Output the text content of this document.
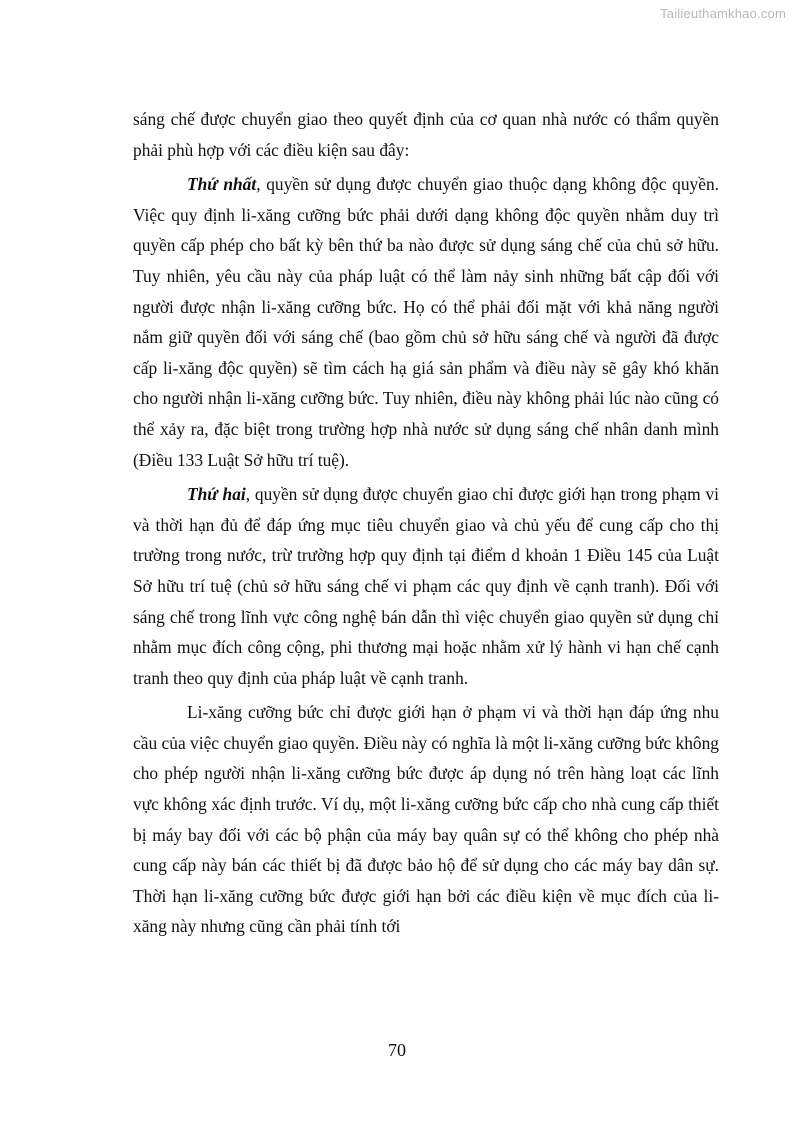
Tailieuthamkhao.com

sáng chế được chuyển giao theo quyết định của cơ quan nhà nước có thẩm quyền phải phù hợp với các điều kiện sau đây:

Thứ nhất, quyền sử dụng được chuyển giao thuộc dạng không độc quyền. Việc quy định li-xăng cưỡng bức phải dưới dạng không độc quyền nhằm duy trì quyền cấp phép cho bất kỳ bên thứ ba nào được sử dụng sáng chế của chủ sở hữu. Tuy nhiên, yêu cầu này của pháp luật có thể làm nảy sinh những bất cập đối với người được nhận li-xăng cưỡng bức. Họ có thể phải đối mặt với khả năng người nắm giữ quyền đối với sáng chế (bao gồm chủ sở hữu sáng chế và người đã được cấp li-xăng độc quyền) sẽ tìm cách hạ giá sản phẩm và điều này sẽ gây khó khăn cho người nhận li-xăng cưỡng bức. Tuy nhiên, điều này không phải lúc nào cũng có thể xảy ra, đặc biệt trong trường hợp nhà nước sử dụng sáng chế nhân danh mình (Điều 133 Luật Sở hữu trí tuệ).

Thứ hai, quyền sử dụng được chuyển giao chỉ được giới hạn trong phạm vi và thời hạn đủ để đáp ứng mục tiêu chuyển giao và chủ yếu để cung cấp cho thị trường trong nước, trừ trường hợp quy định tại điểm d khoản 1 Điều 145 của Luật Sở hữu trí tuệ (chủ sở hữu sáng chế vi phạm các quy định về cạnh tranh). Đối với sáng chế trong lĩnh vực công nghệ bán dẫn thì việc chuyển giao quyền sử dụng chỉ nhằm mục đích công cộng, phi thương mại hoặc nhằm xử lý hành vi hạn chế cạnh tranh theo quy định của pháp luật về cạnh tranh.

Li-xăng cưỡng bức chỉ được giới hạn ở phạm vi và thời hạn đáp ứng nhu cầu của việc chuyển giao quyền. Điều này có nghĩa là một li-xăng cưỡng bức không cho phép người nhận li-xăng cưỡng bức được áp dụng nó trên hàng loạt các lĩnh vực không xác định trước. Ví dụ, một li-xăng cưỡng bức cấp cho nhà cung cấp thiết bị máy bay đối với các bộ phận của máy bay quân sự có thể không cho phép nhà cung cấp này bán các thiết bị đã được bảo hộ để sử dụng cho các máy bay dân sự. Thời hạn li-xăng cưỡng bức được giới hạn bởi các điều kiện về mục đích của li-xăng này nhưng cũng cần phải tính tới

70
